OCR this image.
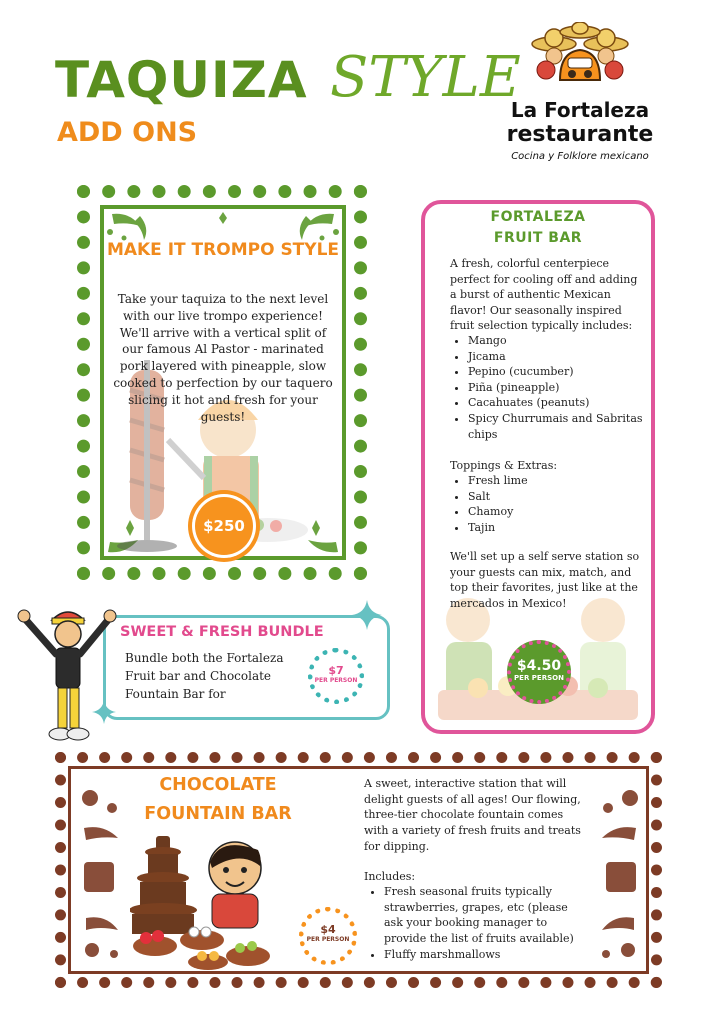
TAQUIZA STYLE
ADD ONS
La Fortaleza
restaurante
Cocina y Folklore mexicano
MAKE IT TROMPO STYLE
Take your taquiza to the next level with our live trompo experience! We'll arrive with a vertical split of our famous Al Pastor - marinated pork layered with pineapple, slow cooked to perfection by our taquero slicing it hot and fresh for your guests!
$250
FORTALEZA
FRUIT BAR
A fresh, colorful centerpiece perfect for cooling off and adding a burst of authentic Mexican flavor! Our seasonally inspired fruit selection typically includes:
• Mango
• Jicama
• Pepino (cucumber)
• Piña (pineapple)
• Cacahuates (peanuts)
• Spicy Churrumais and Sabritas chips
Toppings & Extras:
• Fresh lime
• Salt
• Chamoy
• Tajin
We'll set up a self serve station so your guests can mix, match, and top their favorites, just like at the mercados in Mexico!
$4.50
PER PERSON
SWEET & FRESH BUNDLE
Bundle both the Fortaleza Fruit bar and Chocolate Fountain Bar for
$7
PER PERSON
CHOCOLATE FOUNTAIN BAR
A sweet, interactive station that will delight guests of all ages! Our flowing, three-tier chocolate fountain comes with a variety of fresh fruits and treats for dipping.
Includes:
• Fresh seasonal fruits typically strawberries, grapes, etc (please ask your booking manager to provide the list of fruits available)
• Fluffy marshmallows
$4
PER PERSON
